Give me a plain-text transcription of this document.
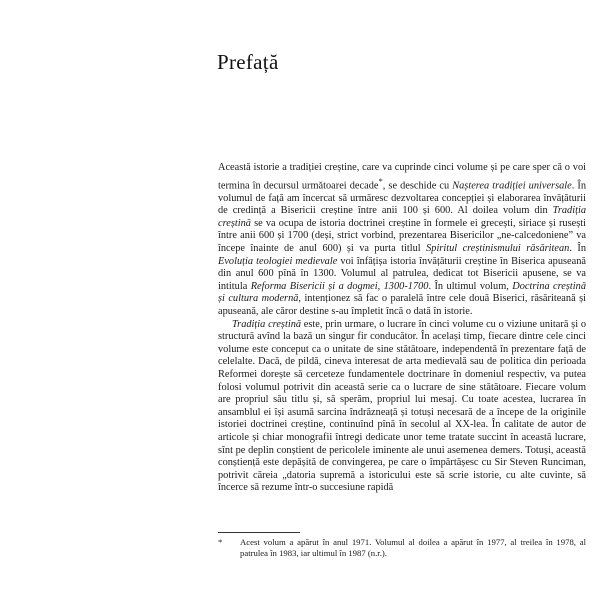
Prefață

Această istorie a tradiției creștine, care va cuprinde cinci volume și pe care sper că o voi termina în decursul următoarei decade*, se deschide cu Nașterea tradiției universale. În volumul de față am încercat să urmăresc dezvoltarea concepției și elaborarea învățăturii de credință a Bisericii creștine între anii 100 și 600. Al doilea volum din Tradiția creștină se va ocupa de istoria doctrinei creștine în formele ei grecești, siriace și rusești între anii 600 și 1700 (deși, strict vorbind, prezentarea Bisericilor „ne-calcedoniene” va începe înainte de anul 600) și va purta titlul Spiritul creștinismului răsăritean. În Evoluția teologiei medievale voi înfățișa istoria învățăturii creștine în Biserica apuseană din anul 600 pînă în 1300. Volumul al patrulea, dedicat tot Bisericii apusene, se va intitula Reforma Bisericii și a dogmei, 1300-1700. În ultimul volum, Doctrina creștină și cultura modernă, intenționez să fac o paralelă între cele două Biserici, răsăriteană și apuseană, ale căror destine s-au împletit încă o dată în istorie.

Tradiția creștină este, prin urmare, o lucrare în cinci volume cu o viziune unitară și o structură avînd la bază un singur fir conducător. În același timp, fiecare dintre cele cinci volume este conceput ca o unitate de sine stătătoare, independentă în prezentare față de celelalte. Dacă, de pildă, cineva interesat de arta medievală sau de politica din perioada Reformei dorește să cerceteze fundamentele doctrinare în domeniul respectiv, va putea folosi volumul potrivit din această serie ca o lucrare de sine stătătoare. Fiecare volum are propriul său titlu și, să sperăm, propriul lui mesaj. Cu toate acestea, lucrarea în ansamblul ei își asumă sarcina îndrăzneață și totuși necesară de a începe de la originile istoriei doctrinei creștine, continuînd pînă în secolul al XX-lea. În calitate de autor de articole și chiar monografii întregi dedicate unor teme tratate succint în această lucrare, sînt pe deplin conștient de pericolele iminente ale unui asemenea demers. Totuși, această conștiență este depășită de convingerea, pe care o împărtășesc cu Sir Steven Runciman, potrivit căreia „datoria supremă a istoricului este să scrie istorie, cu alte cuvinte, să încerce să rezume într-o succesiune rapidă

*	Acest volum a apărut în anul 1971. Volumul al doilea a apărut în 1977, al treilea în 1978, al patrulea în 1983, iar ultimul în 1987 (n.r.).
